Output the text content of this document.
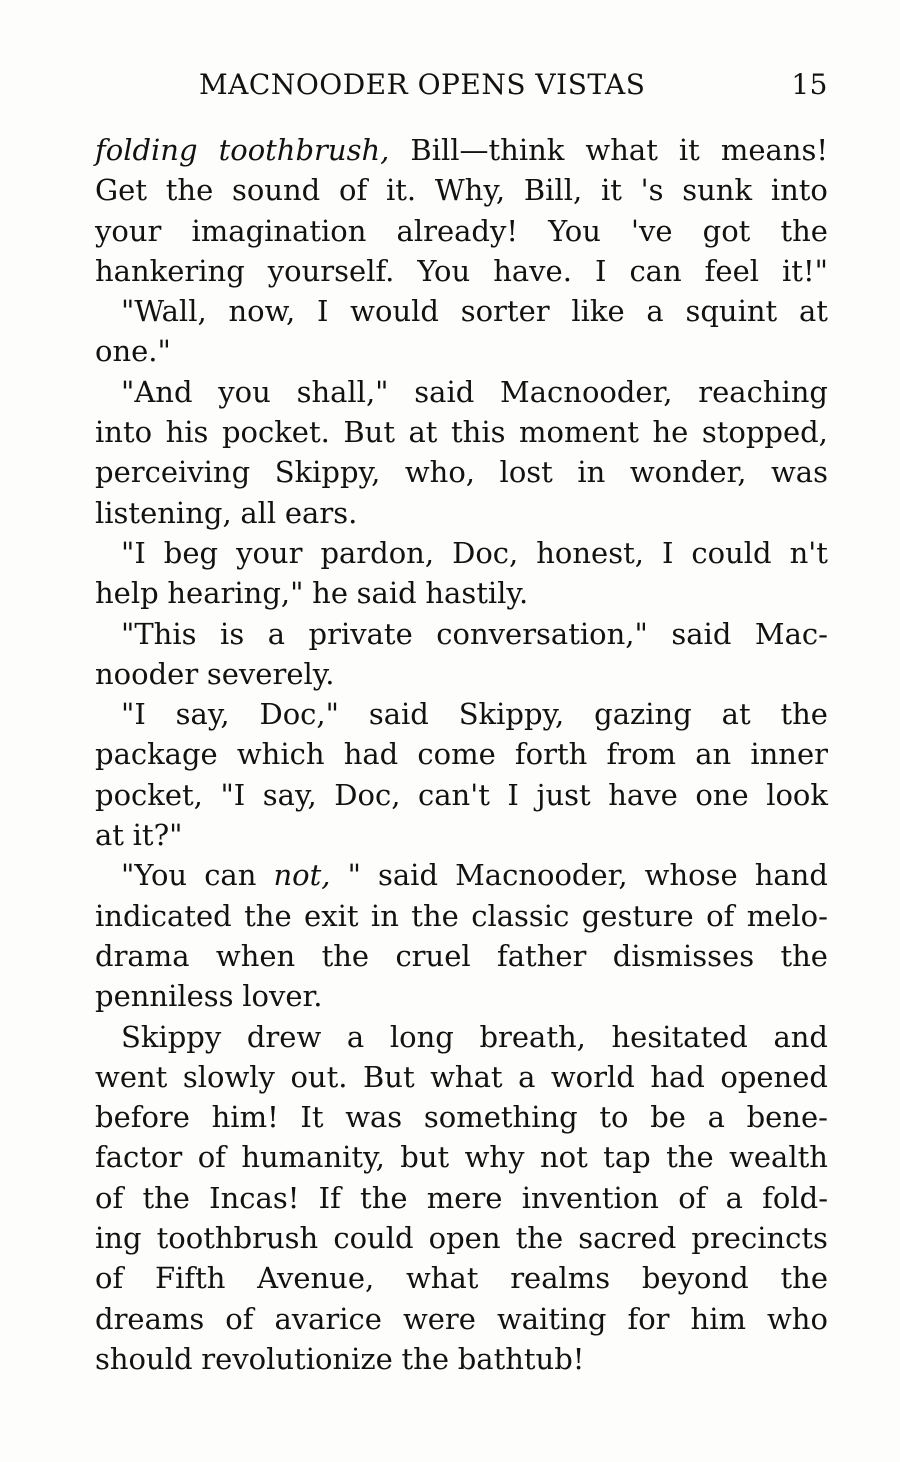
MACNOODER OPENS VISTAS	15
folding toothbrush, Bill—think what it means!
Get the sound of it. Why, Bill, it 's sunk into
your imagination already! You 've got the
hankering yourself. You have. I can feel it!"
"Wall, now, I would sorter like a squint at
one."
"And you shall," said Macnooder, reaching
into his pocket. But at this moment he stopped,
perceiving Skippy, who, lost in wonder, was
listening, all ears.
"I beg your pardon, Doc, honest, I could n't
help hearing," he said hastily.
"This is a private conversation," said Mac-
nooder severely.
"I say, Doc," said Skippy, gazing at the
package which had come forth from an inner
pocket, "I say, Doc, can't I just have one look
at it?"
"You can not, " said Macnooder, whose hand
indicated the exit in the classic gesture of melo-
drama when the cruel father dismisses the
penniless lover.
Skippy drew a long breath, hesitated and
went slowly out. But what a world had opened
before him! It was something to be a bene-
factor of humanity, but why not tap the wealth
of the Incas! If the mere invention of a fold-
ing toothbrush could open the sacred precincts
of Fifth Avenue, what realms beyond the
dreams of avarice were waiting for him who
should revolutionize the bathtub!
